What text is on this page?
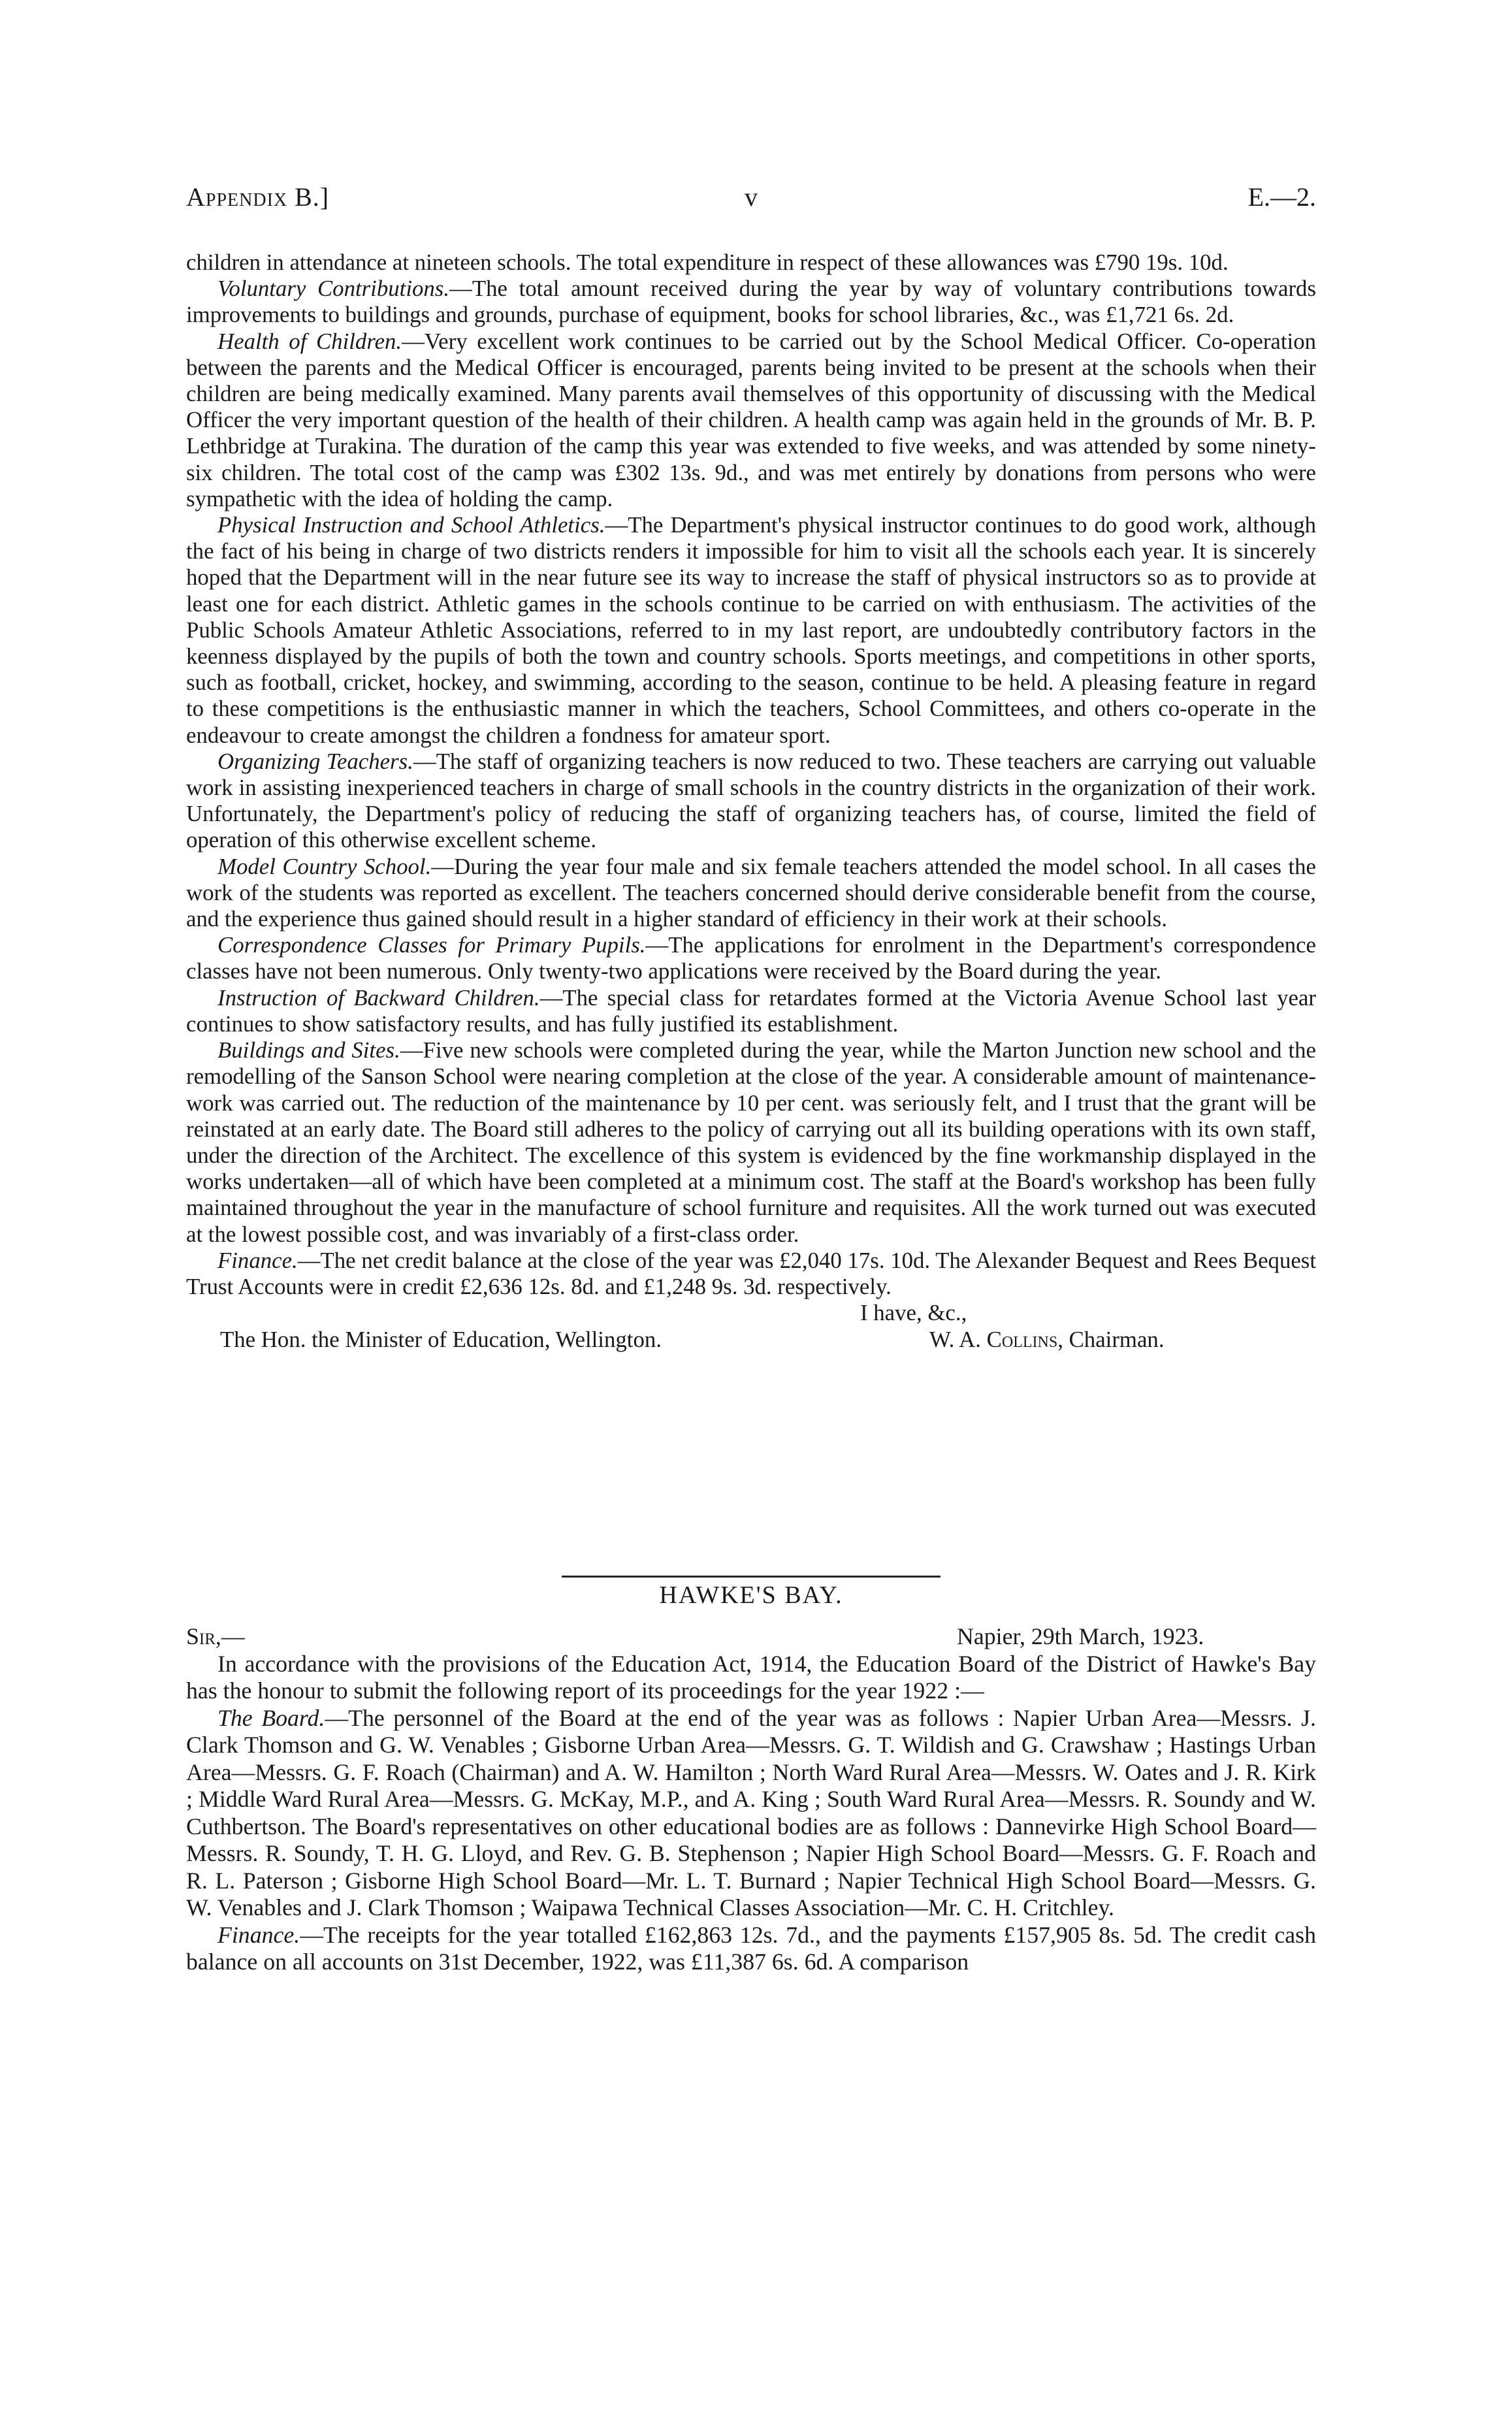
Appendix B.]	v	E.—2.

children in attendance at nineteen schools. The total expenditure in respect of these allowances was £790 19s. 10d.

Voluntary Contributions.—The total amount received during the year by way of voluntary contributions towards improvements to buildings and grounds, purchase of equipment, books for school libraries, &c., was £1,721 6s. 2d.

Health of Children.—Very excellent work continues to be carried out by the School Medical Officer. Co-operation between the parents and the Medical Officer is encouraged, parents being invited to be present at the schools when their children are being medically examined. Many parents avail themselves of this opportunity of discussing with the Medical Officer the very important question of the health of their children. A health camp was again held in the grounds of Mr. B. P. Lethbridge at Turakina. The duration of the camp this year was extended to five weeks, and was attended by some ninety-six children. The total cost of the camp was £302 13s. 9d., and was met entirely by donations from persons who were sympathetic with the idea of holding the camp.

Physical Instruction and School Athletics.—The Department's physical instructor continues to do good work, although the fact of his being in charge of two districts renders it impossible for him to visit all the schools each year. It is sincerely hoped that the Department will in the near future see its way to increase the staff of physical instructors so as to provide at least one for each district. Athletic games in the schools continue to be carried on with enthusiasm. The activities of the Public Schools Amateur Athletic Associations, referred to in my last report, are undoubtedly contributory factors in the keenness displayed by the pupils of both the town and country schools. Sports meetings, and competitions in other sports, such as football, cricket, hockey, and swimming, according to the season, continue to be held. A pleasing feature in regard to these competitions is the enthusiastic manner in which the teachers, School Committees, and others co-operate in the endeavour to create amongst the children a fondness for amateur sport.

Organizing Teachers.—The staff of organizing teachers is now reduced to two. These teachers are carrying out valuable work in assisting inexperienced teachers in charge of small schools in the country districts in the organization of their work. Unfortunately, the Department's policy of reducing the staff of organizing teachers has, of course, limited the field of operation of this otherwise excellent scheme.

Model Country School.—During the year four male and six female teachers attended the model school. In all cases the work of the students was reported as excellent. The teachers concerned should derive considerable benefit from the course, and the experience thus gained should result in a higher standard of efficiency in their work at their schools.

Correspondence Classes for Primary Pupils.—The applications for enrolment in the Department's correspondence classes have not been numerous. Only twenty-two applications were received by the Board during the year.

Instruction of Backward Children.—The special class for retardates formed at the Victoria Avenue School last year continues to show satisfactory results, and has fully justified its establishment.

Buildings and Sites.—Five new schools were completed during the year, while the Marton Junction new school and the remodelling of the Sanson School were nearing completion at the close of the year. A considerable amount of maintenance-work was carried out. The reduction of the maintenance by 10 per cent. was seriously felt, and I trust that the grant will be reinstated at an early date. The Board still adheres to the policy of carrying out all its building operations with its own staff, under the direction of the Architect. The excellence of this system is evidenced by the fine workmanship displayed in the works undertaken—all of which have been completed at a minimum cost. The staff at the Board's workshop has been fully maintained throughout the year in the manufacture of school furniture and requisites. All the work turned out was executed at the lowest possible cost, and was invariably of a first-class order.

Finance.—The net credit balance at the close of the year was £2,040 17s. 10d. The Alexander Bequest and Rees Bequest Trust Accounts were in credit £2,636 12s. 8d. and £1,248 9s. 3d. respectively.

I have, &c.,
The Hon. the Minister of Education, Wellington.	W. A. Collins, Chairman.
HAWKE'S BAY.
Sir,—	Napier, 29th March, 1923.

In accordance with the provisions of the Education Act, 1914, the Education Board of the District of Hawke's Bay has the honour to submit the following report of its proceedings for the year 1922 :—

The Board.—The personnel of the Board at the end of the year was as follows : Napier Urban Area—Messrs. J. Clark Thomson and G. W. Venables ; Gisborne Urban Area—Messrs. G. T. Wildish and G. Crawshaw ; Hastings Urban Area—Messrs. G. F. Roach (Chairman) and A. W. Hamilton ; North Ward Rural Area—Messrs. W. Oates and J. R. Kirk ; Middle Ward Rural Area—Messrs. G. McKay, M.P., and A. King ; South Ward Rural Area—Messrs. R. Soundy and W. Cuthbertson. The Board's representatives on other educational bodies are as follows : Dannevirke High School Board—Messrs. R. Soundy, T. H. G. Lloyd, and Rev. G. B. Stephenson ; Napier High School Board—Messrs. G. F. Roach and R. L. Paterson ; Gisborne High School Board—Mr. L. T. Burnard ; Napier Technical High School Board—Messrs. G. W. Venables and J. Clark Thomson ; Waipawa Technical Classes Association—Mr. C. H. Critchley.

Finance.—The receipts for the year totalled £162,863 12s. 7d., and the payments £157,905 8s. 5d. The credit cash balance on all accounts on 31st December, 1922, was £11,387 6s. 6d. A comparison
